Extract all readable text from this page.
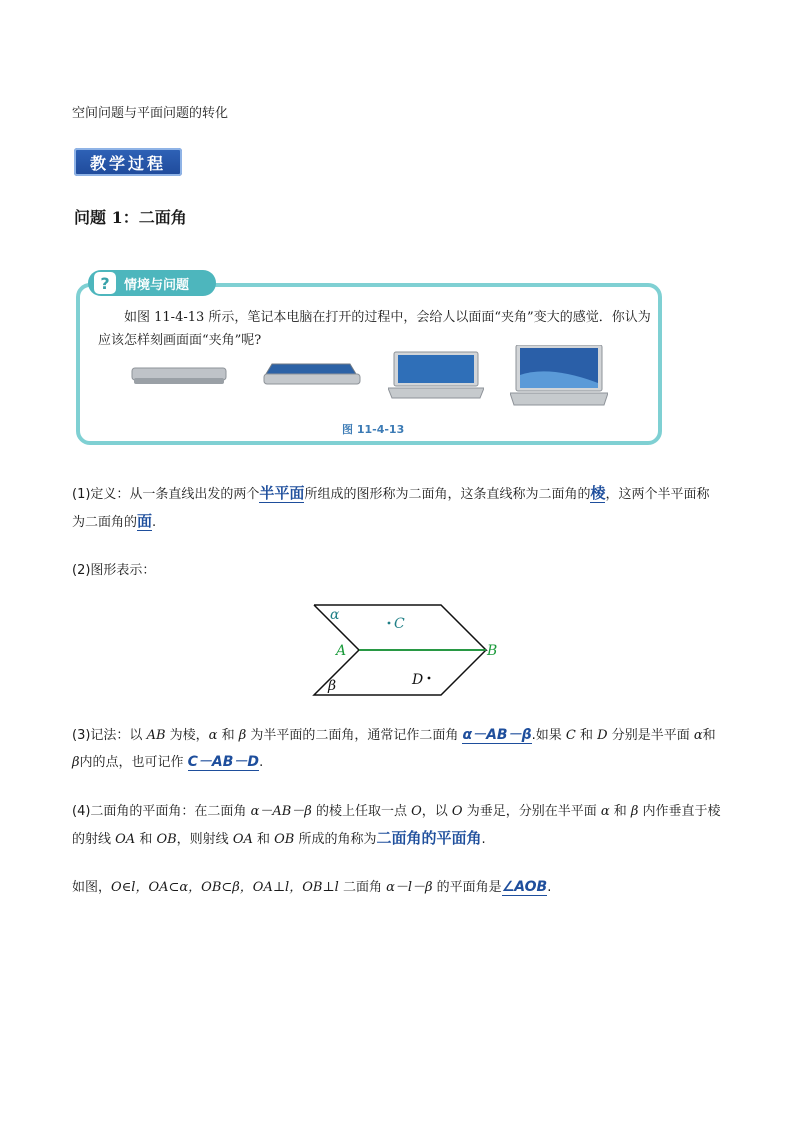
空间问题与平面问题的转化
教学过程
问题 1：二面角
?	情境与问题
如图 11-4-13 所示，笔记本电脑在打开的过程中，会给人以面面“夹角”变大的感觉．你认为应该怎样刻画面面“夹角”呢?
图 11-4-13
(1)定义：从一条直线出发的两个半平面所组成的图形称为二面角，这条直线称为二面角的棱，这两个半平面称为二面角的面.
(2)图形表示：
α
β
A	B
C
D
(3)记法：以 AB 为棱，α 和 β 为半平面的二面角，通常记作二面角 α－AB－β.如果 C 和 D 分别是半平面 α和β内的点，也可记作 C－AB－D.
(4)二面角的平面角：在二面角 α－AB－β 的棱上任取一点 O，以 O 为垂足，分别在半平面 α 和 β 内作垂直于棱的射线 OA 和 OB，则射线 OA 和 OB 所成的角称为二面角的平面角.
如图，O∈l，OA⊂α，OB⊂β，OA⊥l，OB⊥l 二面角 α－l－β 的平面角是∠AOB.
